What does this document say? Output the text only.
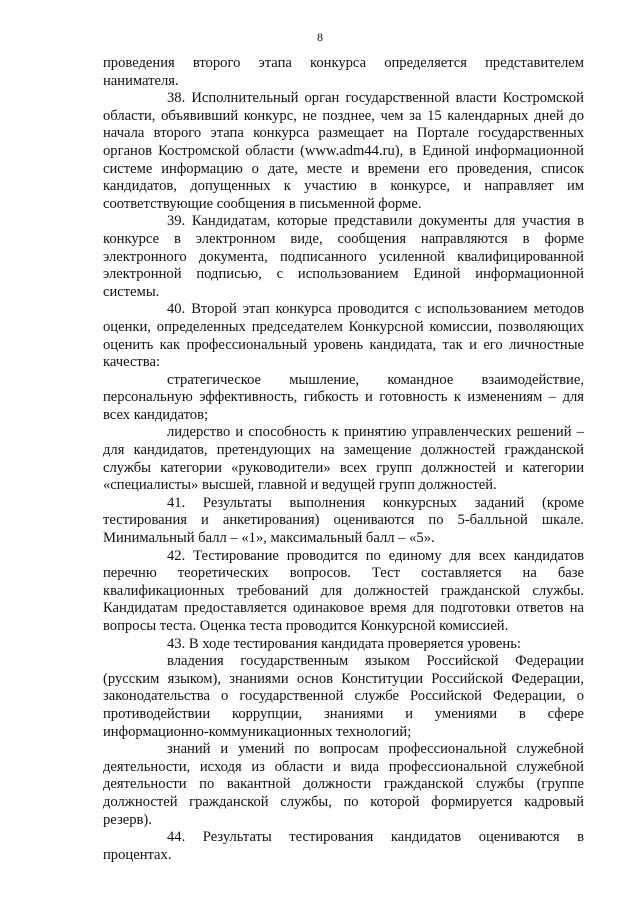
8

проведения второго этапа конкурса определяется представителем нанимателя.

38. Исполнительный орган государственной власти Костромской области, объявивший конкурс, не позднее, чем за 15 календарных дней до начала второго этапа конкурса размещает на Портале государственных органов Костромской области (www.adm44.ru), в Единой информационной системе информацию о дате, месте и времени его проведения, список кандидатов, допущенных к участию в конкурсе, и направляет им соответствующие сообщения в письменной форме.

39. Кандидатам, которые представили документы для участия в конкурсе в электронном виде, сообщения направляются в форме электронного документа, подписанного усиленной квалифицированной электронной подписью, с использованием Единой информационной системы.

40. Второй этап конкурса проводится с использованием методов оценки, определенных председателем Конкурсной комиссии, позволяющих оценить как профессиональный уровень кандидата, так и его личностные качества:

стратегическое мышление, командное взаимодействие, персональную эффективность, гибкость и готовность к изменениям – для всех кандидатов;

лидерство и способность к принятию управленческих решений – для кандидатов, претендующих на замещение должностей гражданской службы категории «руководители» всех групп должностей и категории «специалисты» высшей, главной и ведущей групп должностей.

41. Результаты выполнения конкурсных заданий (кроме тестирования и анкетирования) оцениваются по 5-балльной шкале. Минимальный балл – «1», максимальный балл – «5».

42. Тестирование проводится по единому для всех кандидатов перечню теоретических вопросов. Тест составляется на базе квалификационных требований для должностей гражданской службы. Кандидатам предоставляется одинаковое время для подготовки ответов на вопросы теста. Оценка теста проводится Конкурсной комиссией.

43. В ходе тестирования кандидата проверяется уровень:

владения государственным языком Российской Федерации (русским языком), знаниями основ Конституции Российской Федерации, законодательства о государственной службе Российской Федерации, о противодействии коррупции, знаниями и умениями в сфере информационно-коммуникационных технологий;

знаний и умений по вопросам профессиональной служебной деятельности, исходя из области и вида профессиональной служебной деятельности по вакантной должности гражданской службы (группе должностей гражданской службы, по которой формируется кадровый резерв).

44. Результаты тестирования кандидатов оцениваются в процентах.
